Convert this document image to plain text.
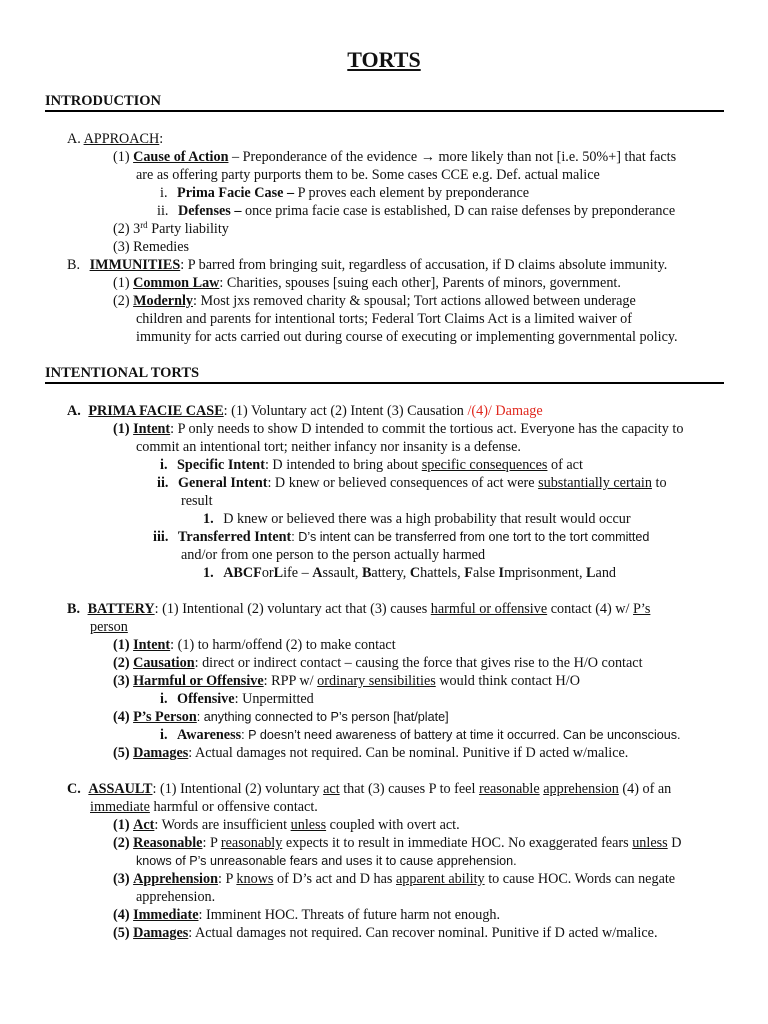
TORTS
INTRODUCTION
A. APPROACH:
(1) Cause of Action – Preponderance of the evidence → more likely than not [i.e. 50%+] that facts
are as offering party purports them to be. Some cases CCE e.g. Def. actual malice
i. Prima Facie Case – P proves each element by preponderance
ii. Defenses – once prima facie case is established, D can raise defenses by preponderance
(2) 3rd Party liability
(3) Remedies
B. IMMUNITIES: P barred from bringing suit, regardless of accusation, if D claims absolute immunity.
(1) Common Law: Charities, spouses [suing each other], Parents of minors, government.
(2) Modernly: Most jxs removed charity & spousal; Tort actions allowed between underage
children and parents for intentional torts; Federal Tort Claims Act is a limited waiver of
immunity for acts carried out during course of executing or implementing governmental policy.
INTENTIONAL TORTS
A. PRIMA FACIE CASE: (1) Voluntary act (2) Intent (3) Causation /(4)/ Damage
(1) Intent: P only needs to show D intended to commit the tortious act. Everyone has the capacity to
commit an intentional tort; neither infancy nor insanity is a defense.
i. Specific Intent: D intended to bring about specific consequences of act
ii. General Intent: D knew or believed consequences of act were substantially certain to
result
1. D knew or believed there was a high probability that result would occur
iii. Transferred Intent: D’s intent can be transferred from one tort to the tort committed
and/or from one person to the person actually harmed
1. ABCForLife – Assault, Battery, Chattels, False Imprisonment, Land
B. BATTERY: (1) Intentional (2) voluntary act that (3) causes harmful or offensive contact (4) w/ P’s
person
(1) Intent: (1) to harm/offend (2) to make contact
(2) Causation: direct or indirect contact – causing the force that gives rise to the H/O contact
(3) Harmful or Offensive: RPP w/ ordinary sensibilities would think contact H/O
i. Offensive: Unpermitted
(4) P’s Person: anything connected to P’s person [hat/plate]
i. Awareness: P doesn’t need awareness of battery at time it occurred. Can be unconscious.
(5) Damages: Actual damages not required. Can be nominal. Punitive if D acted w/malice.
C. ASSAULT: (1) Intentional (2) voluntary act that (3) causes P to feel reasonable apprehension (4) of an
immediate harmful or offensive contact.
(1) Act: Words are insufficient unless coupled with overt act.
(2) Reasonable: P reasonably expects it to result in immediate HOC. No exaggerated fears unless D
knows of P’s unreasonable fears and uses it to cause apprehension.
(3) Apprehension: P knows of D’s act and D has apparent ability to cause HOC. Words can negate
apprehension.
(4) Immediate: Imminent HOC. Threats of future harm not enough.
(5) Damages: Actual damages not required. Can recover nominal. Punitive if D acted w/malice.
